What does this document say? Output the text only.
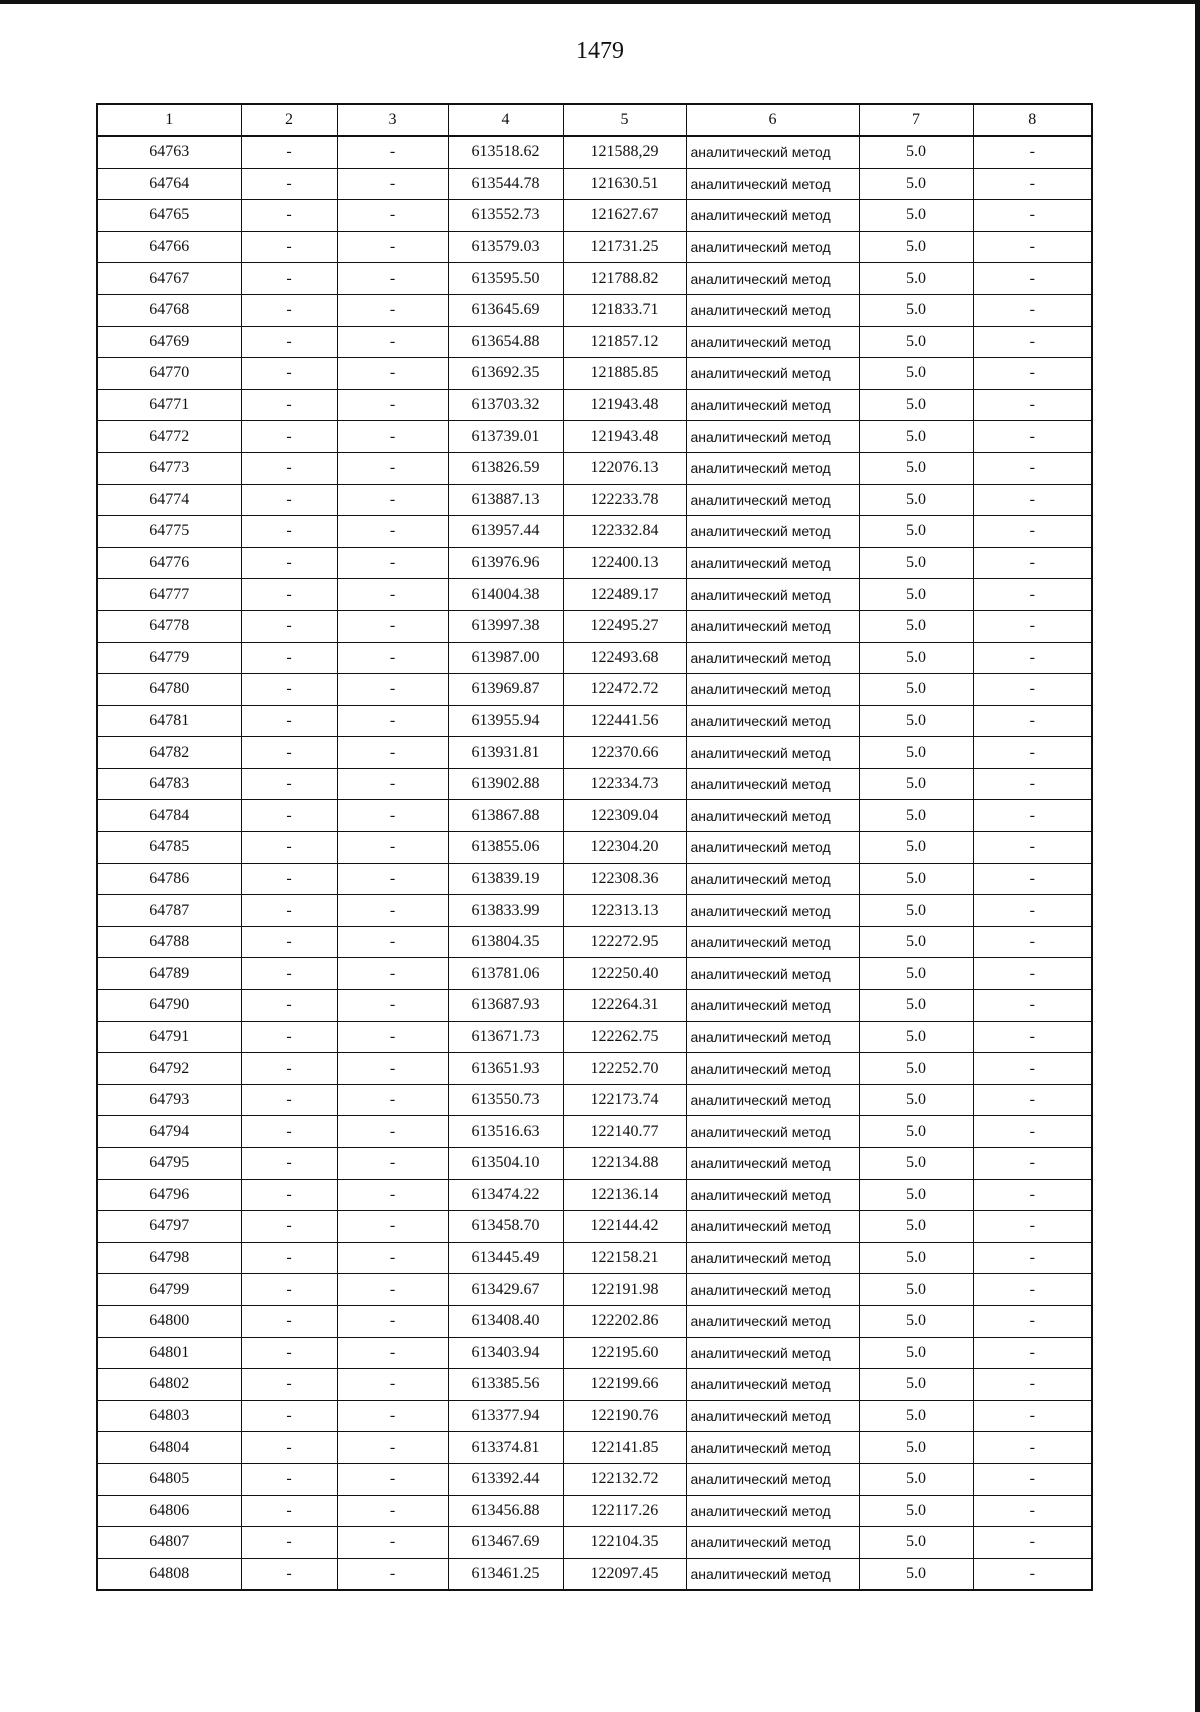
1479
1	2	3	4	5	6	7	8
64763	-	-	613518.62	121588,29	аналитический метод	5.0	-
64764	-	-	613544.78	121630.51	аналитический метод	5.0	-
64765	-	-	613552.73	121627.67	аналитический метод	5.0	-
64766	-	-	613579.03	121731.25	аналитический метод	5.0	-
64767	-	-	613595.50	121788.82	аналитический метод	5.0	-
64768	-	-	613645.69	121833.71	аналитический метод	5.0	-
64769	-	-	613654.88	121857.12	аналитический метод	5.0	-
64770	-	-	613692.35	121885.85	аналитический метод	5.0	-
64771	-	-	613703.32	121943.48	аналитический метод	5.0	-
64772	-	-	613739.01	121943.48	аналитический метод	5.0	-
64773	-	-	613826.59	122076.13	аналитический метод	5.0	-
64774	-	-	613887.13	122233.78	аналитический метод	5.0	-
64775	-	-	613957.44	122332.84	аналитический метод	5.0	-
64776	-	-	613976.96	122400.13	аналитический метод	5.0	-
64777	-	-	614004.38	122489.17	аналитический метод	5.0	-
64778	-	-	613997.38	122495.27	аналитический метод	5.0	-
64779	-	-	613987.00	122493.68	аналитический метод	5.0	-
64780	-	-	613969.87	122472.72	аналитический метод	5.0	-
64781	-	-	613955.94	122441.56	аналитический метод	5.0	-
64782	-	-	613931.81	122370.66	аналитический метод	5.0	-
64783	-	-	613902.88	122334.73	аналитический метод	5.0	-
64784	-	-	613867.88	122309.04	аналитический метод	5.0	-
64785	-	-	613855.06	122304.20	аналитический метод	5.0	-
64786	-	-	613839.19	122308.36	аналитический метод	5.0	-
64787	-	-	613833.99	122313.13	аналитический метод	5.0	-
64788	-	-	613804.35	122272.95	аналитический метод	5.0	-
64789	-	-	613781.06	122250.40	аналитический метод	5.0	-
64790	-	-	613687.93	122264.31	аналитический метод	5.0	-
64791	-	-	613671.73	122262.75	аналитический метод	5.0	-
64792	-	-	613651.93	122252.70	аналитический метод	5.0	-
64793	-	-	613550.73	122173.74	аналитический метод	5.0	-
64794	-	-	613516.63	122140.77	аналитический метод	5.0	-
64795	-	-	613504.10	122134.88	аналитический метод	5.0	-
64796	-	-	613474.22	122136.14	аналитический метод	5.0	-
64797	-	-	613458.70	122144.42	аналитический метод	5.0	-
64798	-	-	613445.49	122158.21	аналитический метод	5.0	-
64799	-	-	613429.67	122191.98	аналитический метод	5.0	-
64800	-	-	613408.40	122202.86	аналитический метод	5.0	-
64801	-	-	613403.94	122195.60	аналитический метод	5.0	-
64802	-	-	613385.56	122199.66	аналитический метод	5.0	-
64803	-	-	613377.94	122190.76	аналитический метод	5.0	-
64804	-	-	613374.81	122141.85	аналитический метод	5.0	-
64805	-	-	613392.44	122132.72	аналитический метод	5.0	-
64806	-	-	613456.88	122117.26	аналитический метод	5.0	-
64807	-	-	613467.69	122104.35	аналитический метод	5.0	-
64808	-	-	613461.25	122097.45	аналитический метод	5.0	-
